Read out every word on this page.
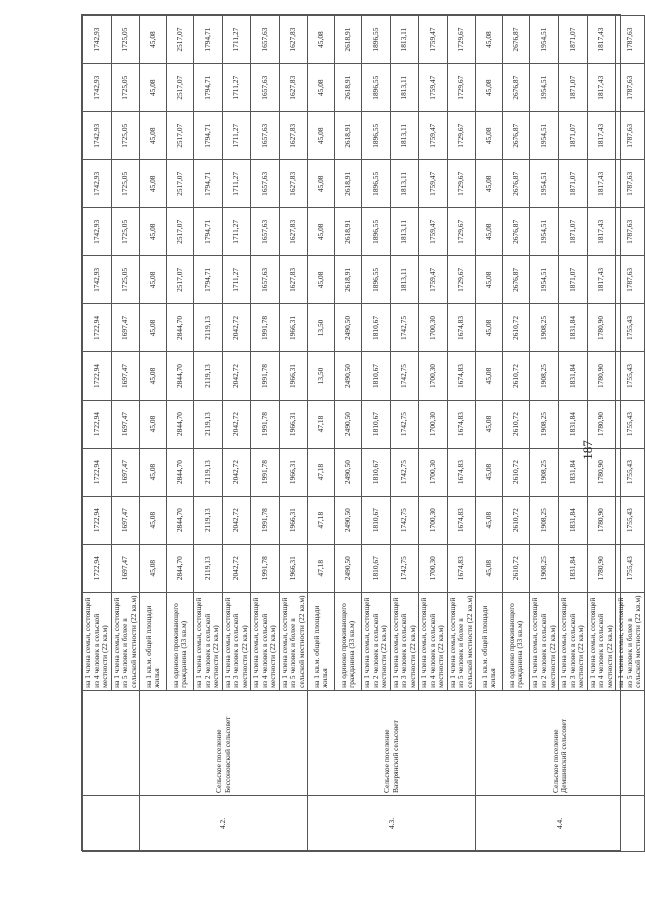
		на 1 члена семьи, состоящей из 4 человек в сельской местности (22 кв.м)	1722,94	1722,94	1722,94	1722,94	1722,94	1722,94	1742,93	1742,93	1742,93	1742,93	1742,93	1742,93
		на 1 члена семьи, состоящей из 5 человек и более в сельской местности (22 кв.м)	1697,47	1697,47	1697,47	1697,47	1697,47	1697,47	1725,05	1725,05	1725,05	1725,05	1725,05	1725,05
4.2.	Сельское поселение Бессоновский сельсовет	на 1 кв.м. общей площади жилья	45,08	45,08	45,08	45,08	45,08	45,08	45,08	45,08	45,08	45,08	45,08	45,08
		на одиноко проживающего гражданина (33 кв.м)	2844,70	2844,70	2844,70	2844,70	2844,70	2844,70	2517,07	2517,07	2517,07	2517,07	2517,07	2517,07
		на 1 члена семьи, состоящей из 2 человек в сельской местности (22 кв.м)	2119,13	2119,13	2119,13	2119,13	2119,13	2119,13	1794,71	1794,71	1794,71	1794,71	1794,71	1794,71
		на 1 члена семьи, состоящей из 3 человек в сельской местности (22 кв.м)	2042,72	2042,72	2042,72	2042,72	2042,72	2042,72	1711,27	1711,27	1711,27	1711,27	1711,27	1711,27
		на 1 члена семьи, состоящей из 4 человек в сельской местности (22 кв.м)	1991,78	1991,78	1991,78	1991,78	1991,78	1991,78	1657,63	1657,63	1657,63	1657,63	1657,63	1657,63
		на 1 члена семьи, состоящей из 5 человек и более в сельской местности (22 кв.м)	1966,31	1966,31	1966,31	1966,31	1966,31	1966,31	1627,83	1627,83	1627,83	1627,83	1627,83	1627,83
4.3.	Сельское поселение Вазерянский сельсовет	на 1 кв.м. общей площади жилья	47,18	47,18	47,18	47,18	13,50	13,50	45,08	45,08	45,08	45,08	45,08	45,08
		на одиноко проживающего гражданина (33 кв.м)	2490,50	2490,50	2490,50	2490,50	2490,50	2490,50	2618,91	2618,91	2618,91	2618,91	2618,91	2618,91
		на 1 члена семьи, состоящей из 2 человек в сельской местности (22 кв.м)	1810,67	1810,67	1810,67	1810,67	1810,67	1810,67	1896,55	1896,55	1896,55	1896,55	1896,55	1896,55
		на 1 члена семьи, состоящей из 3 человек в сельской местности (22 кв.м)	1742,75	1742,75	1742,75	1742,75	1742,75	1742,75	1813,11	1813,11	1813,11	1813,11	1813,11	1813,11
		на 1 члена семьи, состоящей из 4 человек в сельской местности (22 кв.м)	1700,30	1700,30	1700,30	1700,30	1700,30	1700,30	1759,47	1759,47	1759,47	1759,47	1759,47	1759,47
		на 1 члена семьи, состоящей из 5 человек и более в сельской местности (22 кв.м)	1674,83	1674,83	1674,83	1674,83	1674,83	1674,83	1729,67	1729,67	1729,67	1729,67	1729,67	1729,67
4.4.	Сельское поселение Демшинский сельсовет	на 1 кв.м. общей площади жилья	45,08	45,08	45,08	45,08	45,08	45,08	45,08	45,08	45,08	45,08	45,08	45,08
		на одиноко проживающего гражданина (33 кв.м)	2610,72	2610,72	2610,72	2610,72	2610,72	2610,72	2676,87	2676,87	2676,87	2676,87	2676,87	2676,87
		на 1 члена семьи, состоящей из 2 человек в сельской местности (22 кв.м)	1908,25	1908,25	1908,25	1908,25	1908,25	1908,25	1954,51	1954,51	1954,51	1954,51	1954,51	1954,51
		на 1 члена семьи, состоящей из 3 человек в сельской местности (22 кв.м)	1831,84	1831,84	1831,84	1831,84	1831,84	1831,84	1871,07	1871,07	1871,07	1871,07	1871,07	1871,07
		на 1 члена семьи, состоящей из 4 человек в сельской местности (22 кв.м)	1780,90	1780,90	1780,90	1780,90	1780,90	1780,90	1817,43	1817,43	1817,43	1817,43	1817,43	1817,43
		на 1 члена семьи, состоящей из 5 человек и более в сельской местности (22 кв.м)	1755,43	1755,43	1755,43	1755,43	1755,43	1755,43	1787,63	1787,63	1787,63	1787,63	1787,63	1787,63
187
